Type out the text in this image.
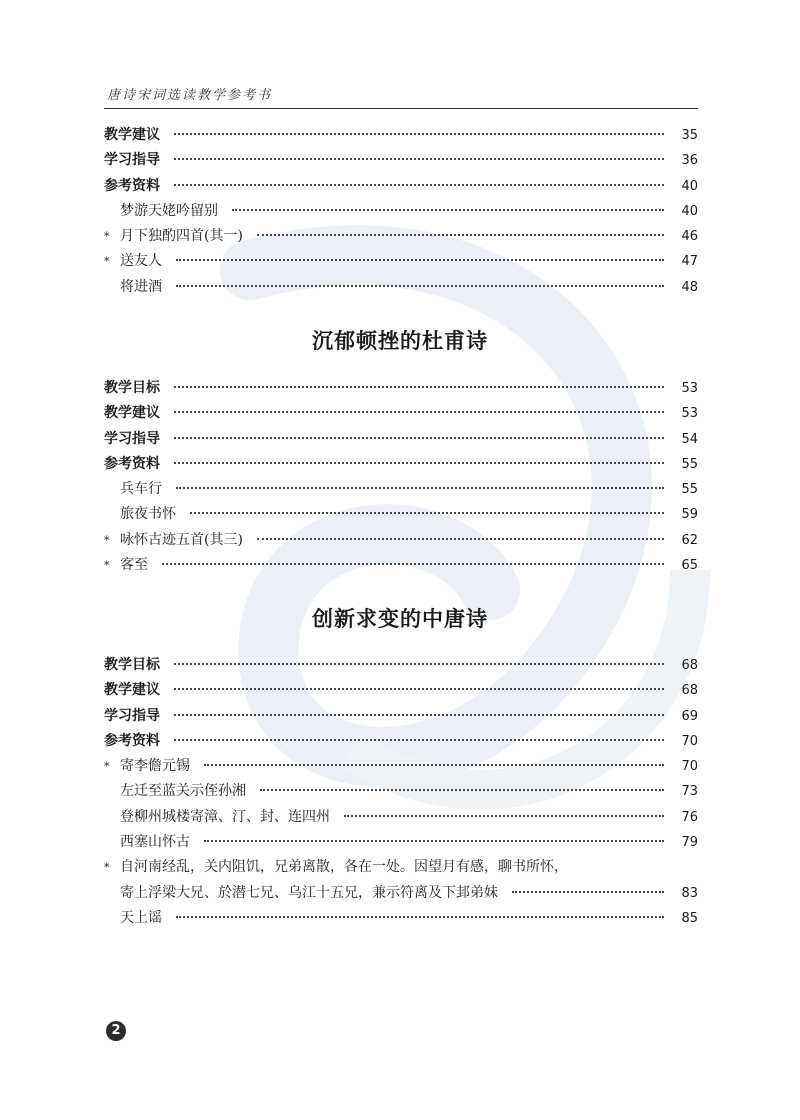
唐诗宋词选读教学参考书
教学建议	35
学习指导	36
参考资料	40
梦游天姥吟留别	40
* 月下独酌四首(其一)	46
* 送友人	47
将进酒	48
沉郁顿挫的杜甫诗
教学目标	53
教学建议	53
学习指导	54
参考资料	55
兵车行	55
旅夜书怀	59
* 咏怀古迹五首(其三)	62
* 客至	65
创新求变的中唐诗
教学目标	68
教学建议	68
学习指导	69
参考资料	70
* 寄李儋元锡	70
左迁至蓝关示侄孙湘	73
登柳州城楼寄漳、汀、封、连四州	76
西塞山怀古	79
* 自河南经乱，关内阻饥，兄弟离散，各在一处。因望月有感，聊书所怀，
寄上浮梁大兄、於潜七兄、乌江十五兄，兼示符离及下邽弟妹	83
天上谣	85
2
